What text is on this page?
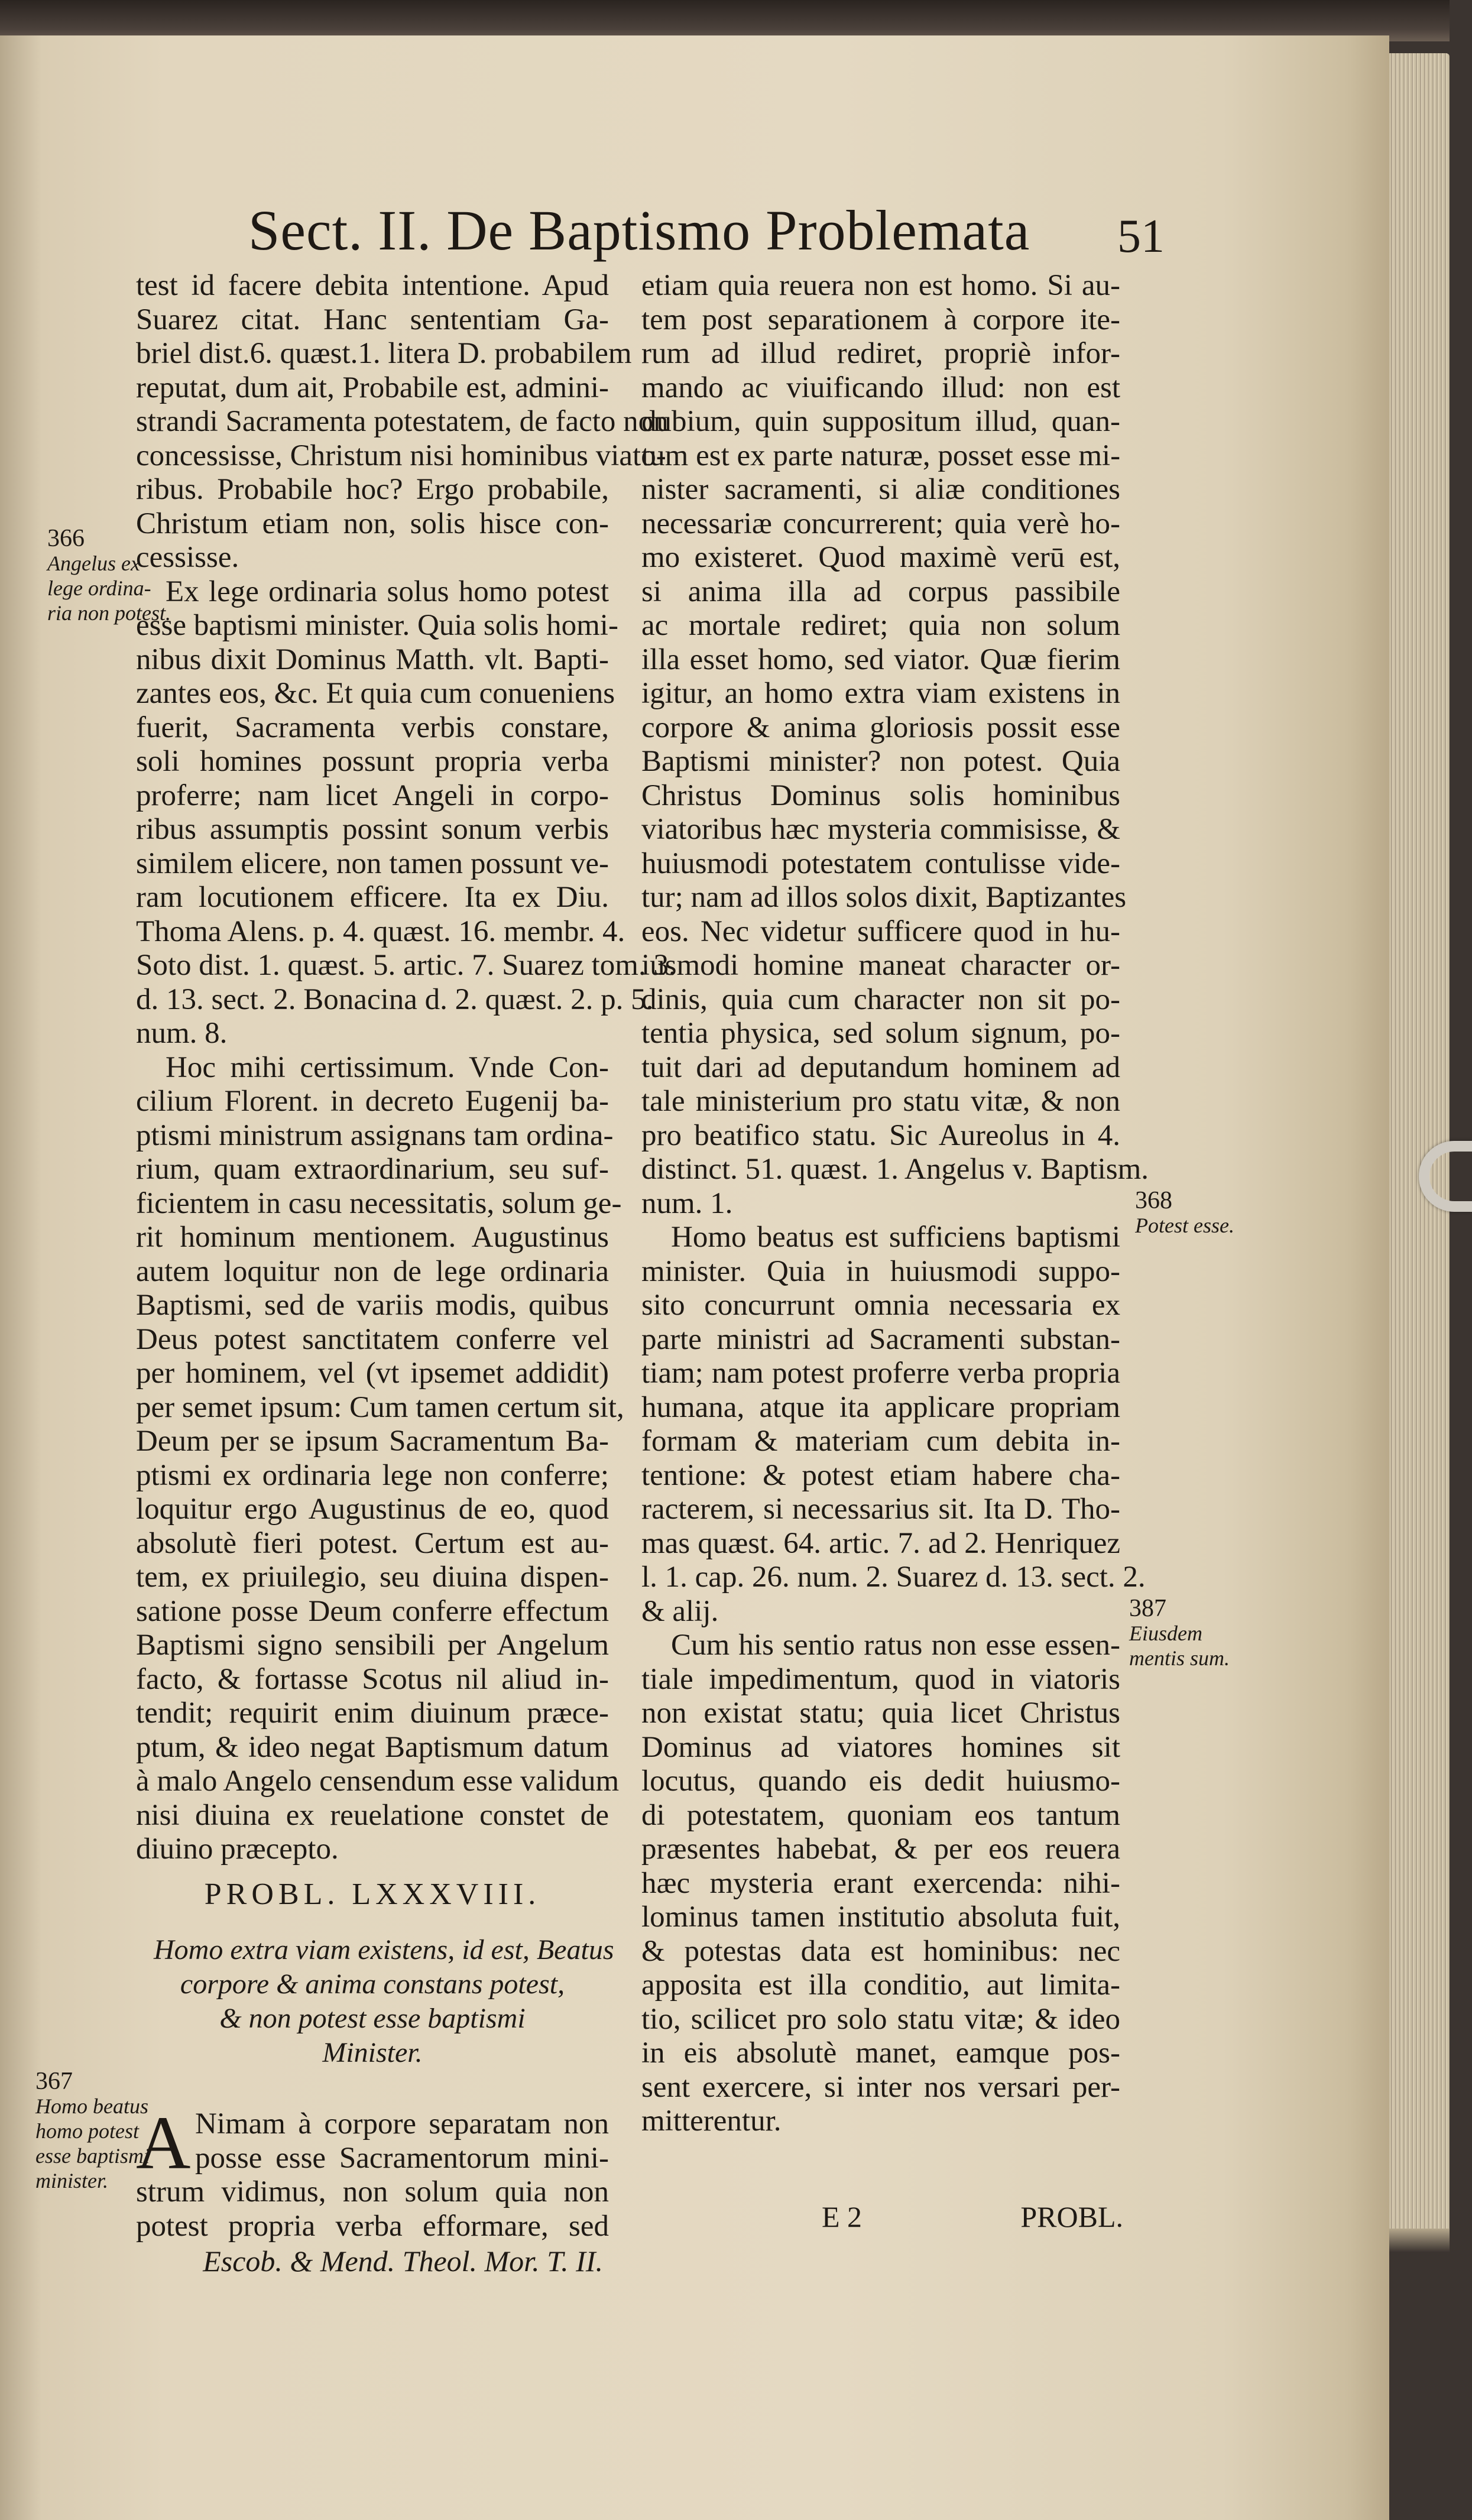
Sect. II. De Baptismo Problemata	51
test id facere debita intentione. Apud
Suarez citat. Hanc sententiam Ga-
briel dist.6. quæst.1. litera D. probabilem
reputat, dum ait, Probabile est, admini-
strandi Sacramenta potestatem, de facto non
concessisse, Christum nisi hominibus viato-
ribus. Probabile hoc? Ergo probabile,
Christum etiam non, solis hisce con-
cessisse.
Ex lege ordinaria solus homo potest
esse baptismi minister. Quia solis homi-
nibus dixit Dominus Matth. vlt. Bapti-
zantes eos, &c. Et quia cum conueniens
fuerit, Sacramenta verbis constare,
soli homines possunt propria verba
proferre; nam licet Angeli in corpo-
ribus assumptis possint sonum verbis
similem elicere, non tamen possunt ve-
ram locutionem efficere. Ita ex Diu.
Thoma Alens. p. 4. quæst. 16. membr. 4.
Soto dist. 1. quæst. 5. artic. 7. Suarez tom. 3.
d. 13. sect. 2. Bonacina d. 2. quæst. 2. p. 5.
num. 8.
Hoc mihi certissimum. Vnde Con-
cilium Florent. in decreto Eugenij ba-
ptismi ministrum assignans tam ordina-
rium, quam extraordinarium, seu suf-
ficientem in casu necessitatis, solum ge-
rit hominum mentionem. Augustinus
autem loquitur non de lege ordinaria
Baptismi, sed de variis modis, quibus
Deus potest sanctitatem conferre vel
per hominem, vel (vt ipsemet addidit)
per semet ipsum: Cum tamen certum sit,
Deum per se ipsum Sacramentum Ba-
ptismi ex ordinaria lege non conferre;
loquitur ergo Augustinus de eo, quod
absolutè fieri potest. Certum est au-
tem, ex priuilegio, seu diuina dispen-
satione posse Deum conferre effectum
Baptismi signo sensibili per Angelum
facto, & fortasse Scotus nil aliud in-
tendit; requirit enim diuinum præce-
ptum, & ideo negat Baptismum datum
à malo Angelo censendum esse validum
nisi diuina ex reuelatione constet de
diuino præcepto.
etiam quia reuera non est homo. Si au-
tem post separationem à corpore ite-
rum ad illud rediret, propriè infor-
mando ac viuificando illud: non est
dubium, quin suppositum illud, quan-
tum est ex parte naturæ, posset esse mi-
nister sacramenti, si aliæ conditiones
necessariæ concurrerent; quia verè ho-
mo existeret. Quod maximè verū est,
si anima illa ad corpus passibile
ac mortale rediret; quia non solum
illa esset homo, sed viator. Quæ fierim
igitur, an homo extra viam existens in
corpore & anima gloriosis possit esse
Baptismi minister? non potest. Quia
Christus Dominus solis hominibus
viatoribus hæc mysteria commisisse, &
huiusmodi potestatem contulisse vide-
tur; nam ad illos solos dixit, Baptizantes
eos. Nec videtur sufficere quod in hu-
iusmodi homine maneat character or-
dinis, quia cum character non sit po-
tentia physica, sed solum signum, po-
tuit dari ad deputandum hominem ad
tale ministerium pro statu vitæ, & non
pro beatifico statu. Sic Aureolus in 4.
distinct. 51. quæst. 1. Angelus v. Baptism.
num. 1.
Homo beatus est sufficiens baptismi
minister. Quia in huiusmodi suppo-
sito concurrunt omnia necessaria ex
parte ministri ad Sacramenti substan-
tiam; nam potest proferre verba propria
humana, atque ita applicare propriam
formam & materiam cum debita in-
tentione: & potest etiam habere cha-
racterem, si necessarius sit. Ita D. Tho-
mas quæst. 64. artic. 7. ad 2. Henriquez
l. 1. cap. 26. num. 2. Suarez d. 13. sect. 2.
& alij.
Cum his sentio ratus non esse essen-
tiale impedimentum, quod in viatoris
non existat statu; quia licet Christus
Dominus ad viatores homines sit
locutus, quando eis dedit huiusmo-
di potestatem, quoniam eos tantum
præsentes habebat, & per eos reuera
hæc mysteria erant exercenda: nihi-
lominus tamen institutio absoluta fuit,
& potestas data est hominibus: nec
apposita est illa conditio, aut limita-
tio, scilicet pro solo statu vitæ; & ideo
in eis absolutè manet, eamque pos-
sent exercere, si inter nos versari per-
mitterentur.
366
Angelus ex
lege ordina-
ria non potest.
367
Homo beatus
homo potest
esse baptismi
minister.
368
Potest esse.
387
Eiusdem
mentis sum.
PROBL. LXXXVIII.
Homo extra viam existens, id est, Beatus
corpore & anima constans potest,
& non potest esse baptismi
Minister.
A Nimam à corpore separatam non
posse esse Sacramentorum mini-
strum vidimus, non solum quia non
potest propria verba efformare, sed
Escob. & Mend. Theol. Mor. T. II.
E 2	PROBL.
